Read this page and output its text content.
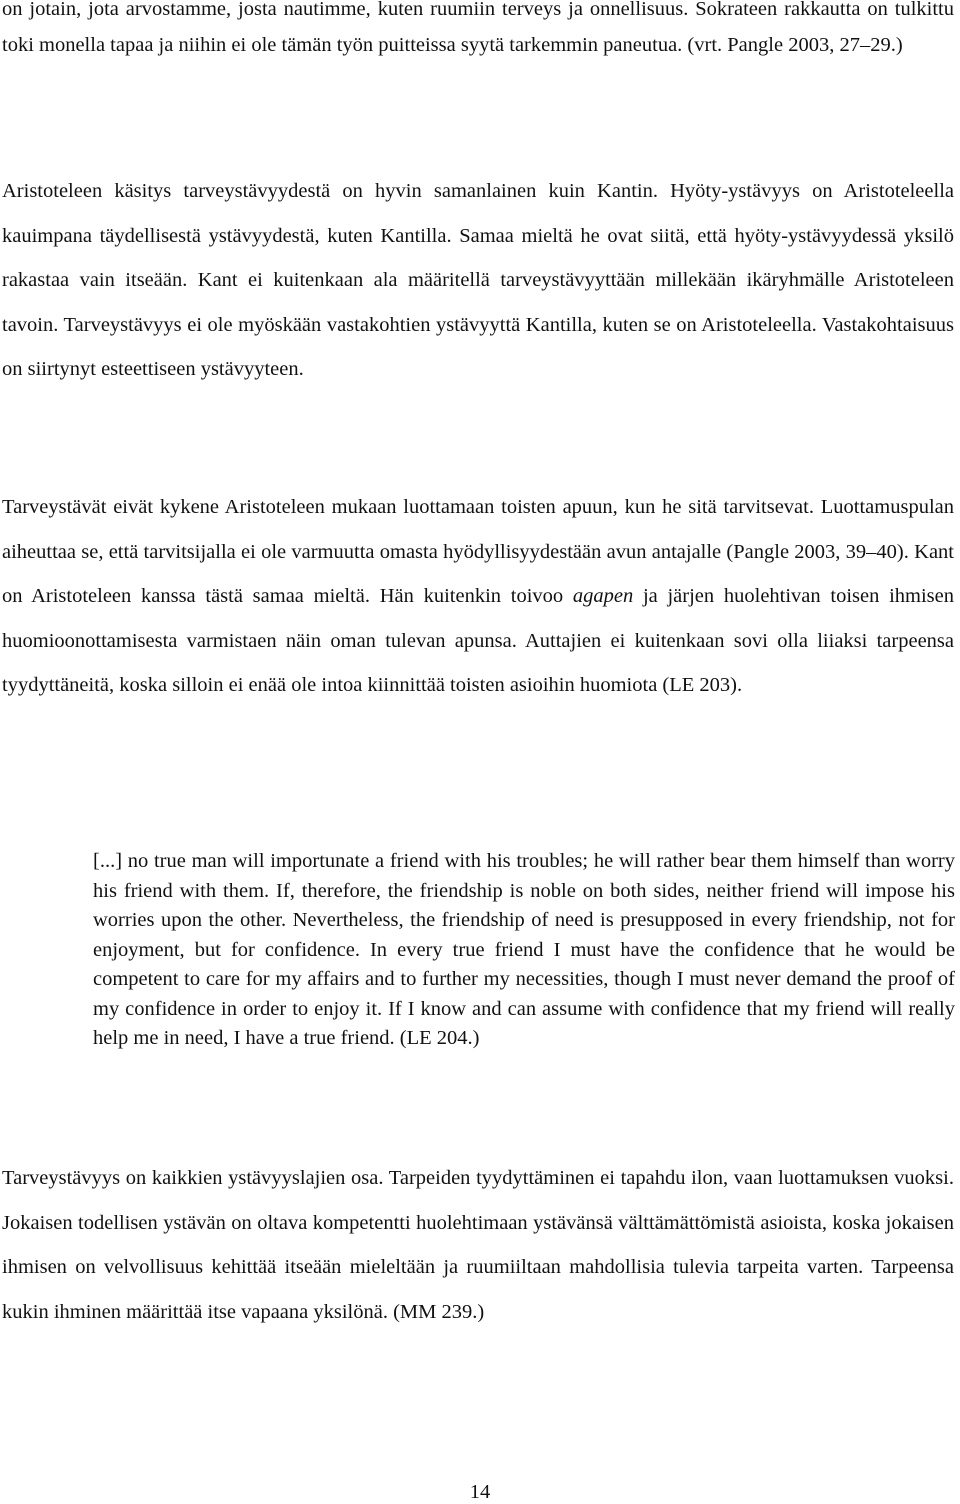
on jotain, jota arvostamme, josta nautimme, kuten ruumiin terveys ja onnellisuus. Sokrateen rakkautta on tulkittu toki monella tapaa ja niihin ei ole tämän työn puitteissa syytä tarkemmin paneutua. (vrt. Pangle 2003, 27–29.)

Aristoteleen käsitys tarveystävyydestä on hyvin samanlainen kuin Kantin. Hyöty-ystävyys on Aristoteleella kauimpana täydellisestä ystävyydestä, kuten Kantilla. Samaa mieltä he ovat siitä, että hyöty-ystävyydessä yksilö rakastaa vain itseään. Kant ei kuitenkaan ala määritellä tarveystävyyttään millekään ikäryhmälle Aristoteleen tavoin. Tarveystävyys ei ole myöskään vastakohtien ystävyyttä Kantilla, kuten se on Aristoteleella. Vastakohtaisuus on siirtynyt esteettiseen ystävyyteen.

Tarveystävät eivät kykene Aristoteleen mukaan luottamaan toisten apuun, kun he sitä tarvitsevat. Luottamuspulan aiheuttaa se, että tarvitsijalla ei ole varmuutta omasta hyödyllisyydestään avun antajalle (Pangle 2003, 39–40). Kant on Aristoteleen kanssa tästä samaa mieltä. Hän kuitenkin toivoo agapen ja järjen huolehtivan toisen ihmisen huomioonottamisesta varmistaen näin oman tulevan apunsa. Auttajien ei kuitenkaan sovi olla liiaksi tarpeensa tyydyttäneitä, koska silloin ei enää ole intoa kiinnittää toisten asioihin huomiota (LE 203).

[...] no true man will importunate a friend with his troubles; he will rather bear them himself than worry his friend with them. If, therefore, the friendship is noble on both sides, neither friend will impose his worries upon the other. Nevertheless, the friendship of need is presupposed in every friendship, not for enjoyment, but for confidence. In every true friend I must have the confidence that he would be competent to care for my affairs and to further my necessities, though I must never demand the proof of my confidence in order to enjoy it. If I know and can assume with confidence that my friend will really help me in need, I have a true friend. (LE 204.)

Tarveystävyys on kaikkien ystävyyslajien osa. Tarpeiden tyydyttäminen ei tapahdu ilon, vaan luottamuksen vuoksi. Jokaisen todellisen ystävän on oltava kompetentti huolehtimaan ystävänsä välttämättömistä asioista, koska jokaisen ihmisen on velvollisuus kehittää itseään mieleltään ja ruumiiltaan mahdollisia tulevia tarpeita varten. Tarpeensa kukin ihminen määrittää itse vapaana yksilönä. (MM 239.)

14
